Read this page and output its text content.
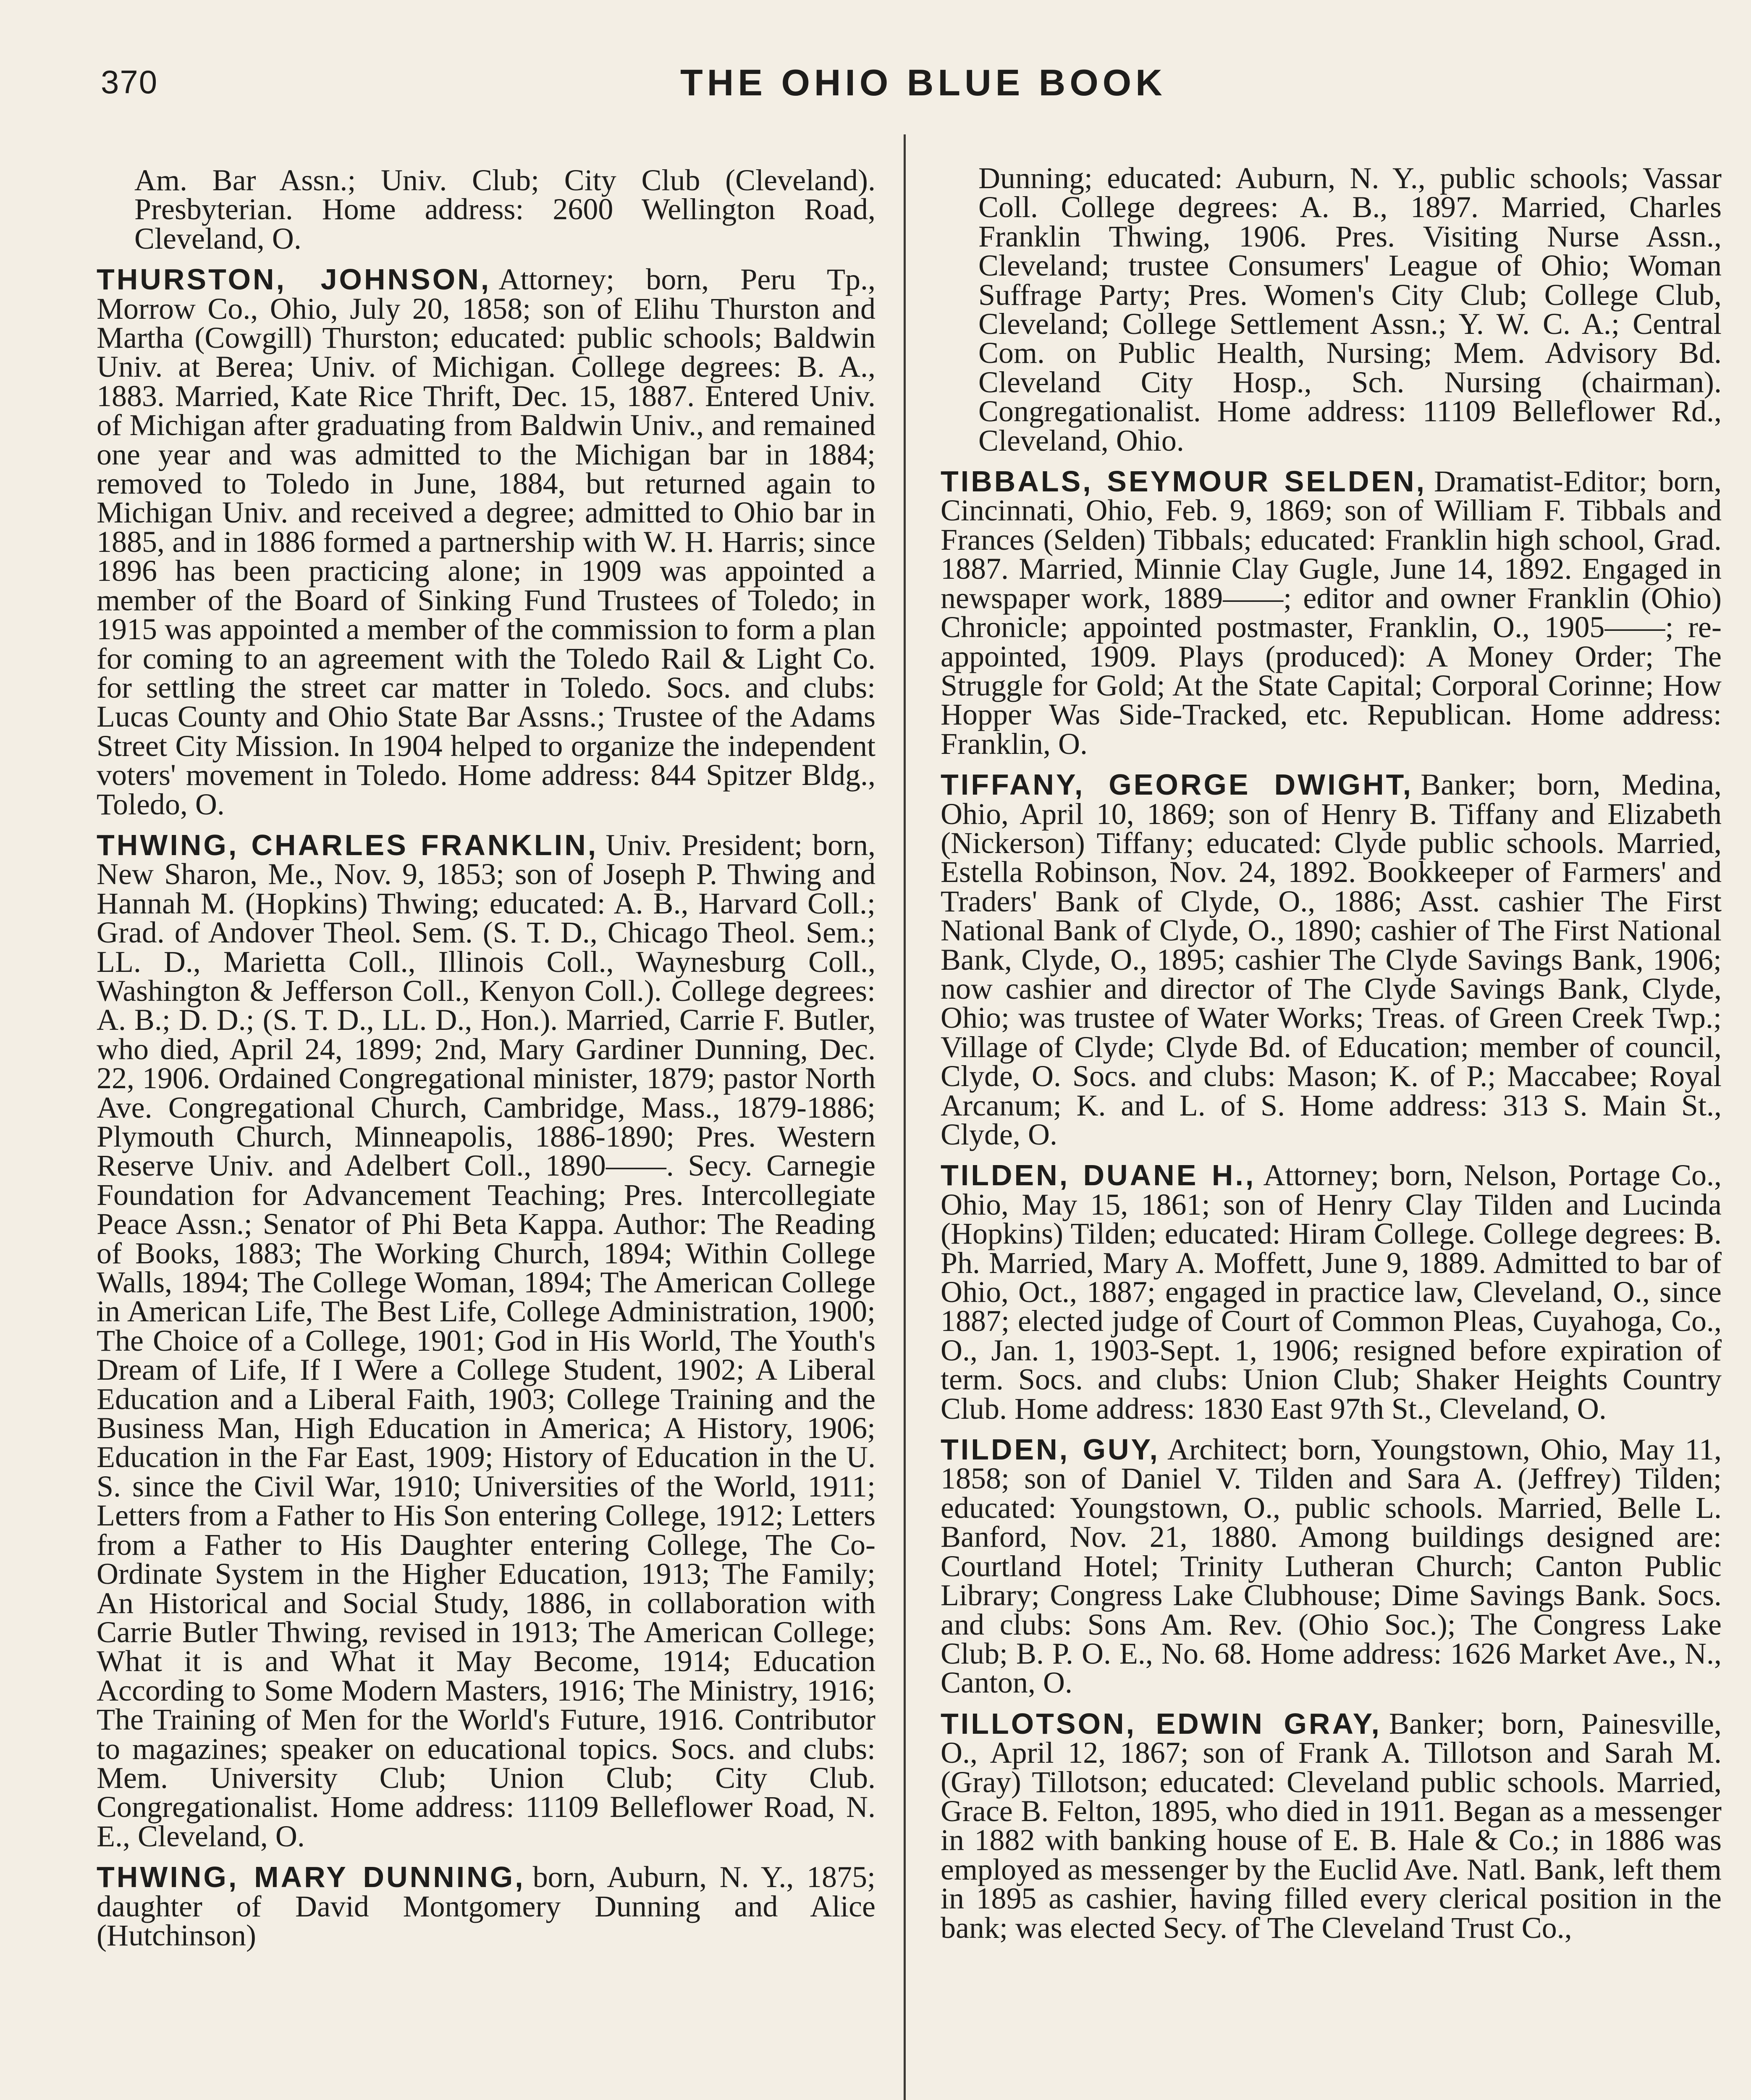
370	THE OHIO BLUE BOOK

Am. Bar Assn.; Univ. Club; City Club (Cleveland). Presbyterian. Home address: 2600 Wellington Road, Cleveland, O.

THURSTON, JOHNSON, Attorney; born, Peru Tp., Morrow Co., Ohio, July 20, 1858; son of Elihu Thurston and Martha (Cowgill) Thurston; educated: public schools; Baldwin Univ. at Berea; Univ. of Michigan. College degrees: B. A., 1883. Married, Kate Rice Thrift, Dec. 15, 1887. Entered Univ. of Michigan after graduating from Baldwin Univ., and remained one year and was admitted to the Michigan bar in 1884; removed to Toledo in June, 1884, but returned again to Michigan Univ. and received a degree; admitted to Ohio bar in 1885, and in 1886 formed a partnership with W. H. Harris; since 1896 has been practicing alone; in 1909 was appointed a member of the Board of Sinking Fund Trustees of Toledo; in 1915 was appointed a member of the commission to form a plan for coming to an agreement with the Toledo Rail & Light Co. for settling the street car matter in Toledo. Socs. and clubs: Lucas County and Ohio State Bar Assns.; Trustee of the Adams Street City Mission. In 1904 helped to organize the independent voters' movement in Toledo. Home address: 844 Spitzer Bldg., Toledo, O.

THWING, CHARLES FRANKLIN, Univ. President; born, New Sharon, Me., Nov. 9, 1853; son of Joseph P. Thwing and Hannah M. (Hopkins) Thwing; educated: A. B., Harvard Coll.; Grad. of Andover Theol. Sem. (S. T. D., Chicago Theol. Sem.; LL. D., Marietta Coll., Illinois Coll., Waynesburg Coll., Washington & Jefferson Coll., Kenyon Coll.). College degrees: A. B.; D. D.; (S. T. D., LL. D., Hon.). Married, Carrie F. Butler, who died, April 24, 1899; 2nd, Mary Gardiner Dunning, Dec. 22, 1906. Ordained Congregational minister, 1879; pastor North Ave. Congregational Church, Cambridge, Mass., 1879-1886; Plymouth Church, Minneapolis, 1886-1890; Pres. Western Reserve Univ. and Adelbert Coll., 1890——. Secy. Carnegie Foundation for Advancement Teaching; Pres. Intercollegiate Peace Assn.; Senator of Phi Beta Kappa. Author: The Reading of Books, 1883; The Working Church, 1894; Within College Walls, 1894; The College Woman, 1894; The American College in American Life, The Best Life, College Administration, 1900; The Choice of a College, 1901; God in His World, The Youth's Dream of Life, If I Were a College Student, 1902; A Liberal Education and a Liberal Faith, 1903; College Training and the Business Man, High Education in America; A History, 1906; Education in the Far East, 1909; History of Education in the U. S. since the Civil War, 1910; Universities of the World, 1911; Letters from a Father to His Son entering College, 1912; Letters from a Father to His Daughter entering College, The Co-Ordinate System in the Higher Education, 1913; The Family; An Historical and Social Study, 1886, in collaboration with Carrie Butler Thwing, revised in 1913; The American College; What it is and What it May Become, 1914; Education According to Some Modern Masters, 1916; The Ministry, 1916; The Training of Men for the World's Future, 1916. Contributor to magazines; speaker on educational topics. Socs. and clubs: Mem. University Club; Union Club; City Club. Congregationalist. Home address: 11109 Belleflower Road, N. E., Cleveland, O.

THWING, MARY DUNNING, born, Auburn, N. Y., 1875; daughter of David Montgomery Dunning and Alice (Hutchinson)

Dunning; educated: Auburn, N. Y., public schools; Vassar Coll. College degrees: A. B., 1897. Married, Charles Franklin Thwing, 1906. Pres. Visiting Nurse Assn., Cleveland; trustee Consumers' League of Ohio; Woman Suffrage Party; Pres. Women's City Club; College Club, Cleveland; College Settlement Assn.; Y. W. C. A.; Central Com. on Public Health, Nursing; Mem. Advisory Bd. Cleveland City Hosp., Sch. Nursing (chairman). Congregationalist. Home address: 11109 Belleflower Rd., Cleveland, Ohio.

TIBBALS, SEYMOUR SELDEN, Dramatist-Editor; born, Cincinnati, Ohio, Feb. 9, 1869; son of William F. Tibbals and Frances (Selden) Tibbals; educated: Franklin high school, Grad. 1887. Married, Minnie Clay Gugle, June 14, 1892. Engaged in newspaper work, 1889——; editor and owner Franklin (Ohio) Chronicle; appointed postmaster, Franklin, O., 1905——; re-appointed, 1909. Plays (produced): A Money Order; The Struggle for Gold; At the State Capital; Corporal Corinne; How Hopper Was Side-Tracked, etc. Republican. Home address: Franklin, O.

TIFFANY, GEORGE DWIGHT, Banker; born, Medina, Ohio, April 10, 1869; son of Henry B. Tiffany and Elizabeth (Nickerson) Tiffany; educated: Clyde public schools. Married, Estella Robinson, Nov. 24, 1892. Bookkeeper of Farmers' and Traders' Bank of Clyde, O., 1886; Asst. cashier The First National Bank of Clyde, O., 1890; cashier of The First National Bank, Clyde, O., 1895; cashier The Clyde Savings Bank, 1906; now cashier and director of The Clyde Savings Bank, Clyde, Ohio; was trustee of Water Works; Treas. of Green Creek Twp.; Village of Clyde; Clyde Bd. of Education; member of council, Clyde, O. Socs. and clubs: Mason; K. of P.; Maccabee; Royal Arcanum; K. and L. of S. Home address: 313 S. Main St., Clyde, O.

TILDEN, DUANE H., Attorney; born, Nelson, Portage Co., Ohio, May 15, 1861; son of Henry Clay Tilden and Lucinda (Hopkins) Tilden; educated: Hiram College. College degrees: B. Ph. Married, Mary A. Moffett, June 9, 1889. Admitted to bar of Ohio, Oct., 1887; engaged in practice law, Cleveland, O., since 1887; elected judge of Court of Common Pleas, Cuyahoga, Co., O., Jan. 1, 1903-Sept. 1, 1906; resigned before expiration of term. Socs. and clubs: Union Club; Shaker Heights Country Club. Home address: 1830 East 97th St., Cleveland, O.

TILDEN, GUY, Architect; born, Youngstown, Ohio, May 11, 1858; son of Daniel V. Tilden and Sara A. (Jeffrey) Tilden; educated: Youngstown, O., public schools. Married, Belle L. Banford, Nov. 21, 1880. Among buildings designed are: Courtland Hotel; Trinity Lutheran Church; Canton Public Library; Congress Lake Clubhouse; Dime Savings Bank. Socs. and clubs: Sons Am. Rev. (Ohio Soc.); The Congress Lake Club; B. P. O. E., No. 68. Home address: 1626 Market Ave., N., Canton, O.

TILLOTSON, EDWIN GRAY, Banker; born, Painesville, O., April 12, 1867; son of Frank A. Tillotson and Sarah M. (Gray) Tillotson; educated: Cleveland public schools. Married, Grace B. Felton, 1895, who died in 1911. Began as a messenger in 1882 with banking house of E. B. Hale & Co.; in 1886 was employed as messenger by the Euclid Ave. Natl. Bank, left them in 1895 as cashier, having filled every clerical position in the bank; was elected Secy. of The Cleveland Trust Co.,
